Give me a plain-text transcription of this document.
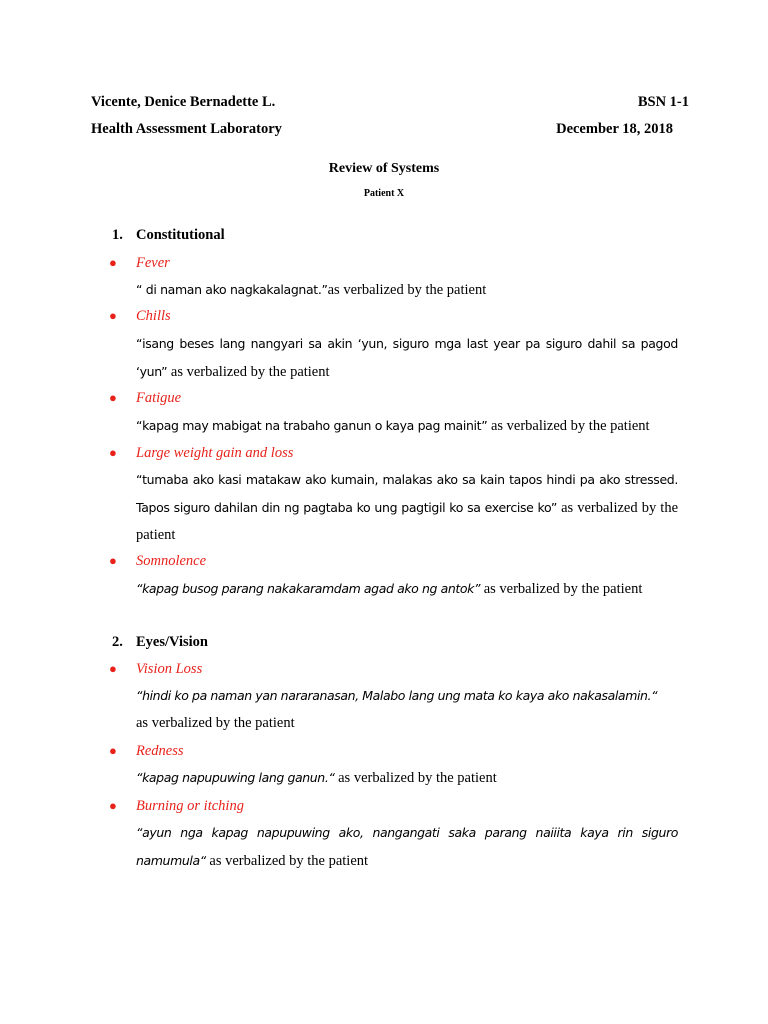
Vicente, Denice Bernadette L.	BSN 1-1
Health Assessment Laboratory	December 18, 2018
Review of Systems
Patient X
1. Constitutional
● Fever
“ di naman ako nagkakalagnat.”as verbalized by the patient
● Chills
“isang beses lang nangyari sa akin ‘yun, siguro mga last year pa siguro dahil sa pagod ‘yun” as verbalized by the patient
● Fatigue
“kapag may mabigat na trabaho ganun o kaya pag mainit” as verbalized by the patient
● Large weight gain and loss
“tumaba ako kasi matakaw ako kumain, malakas ako sa kain tapos hindi pa ako stressed. Tapos siguro dahilan din ng pagtaba ko ung pagtigil ko sa exercise ko” as verbalized by the patient
● Somnolence
“kapag busog parang nakakaramdam agad ako ng antok” as verbalized by the patient
2. Eyes/Vision
● Vision Loss
“hindi ko pa naman yan nararanasan, Malabo lang ung mata ko kaya ako nakasalamin.“
as verbalized by the patient
● Redness
“kapag napupuwing lang ganun.“ as verbalized by the patient
● Burning or itching
“ayun nga kapag napupuwing ako, nangangati saka parang naiiita kaya rin siguro namumula“ as verbalized by the patient
